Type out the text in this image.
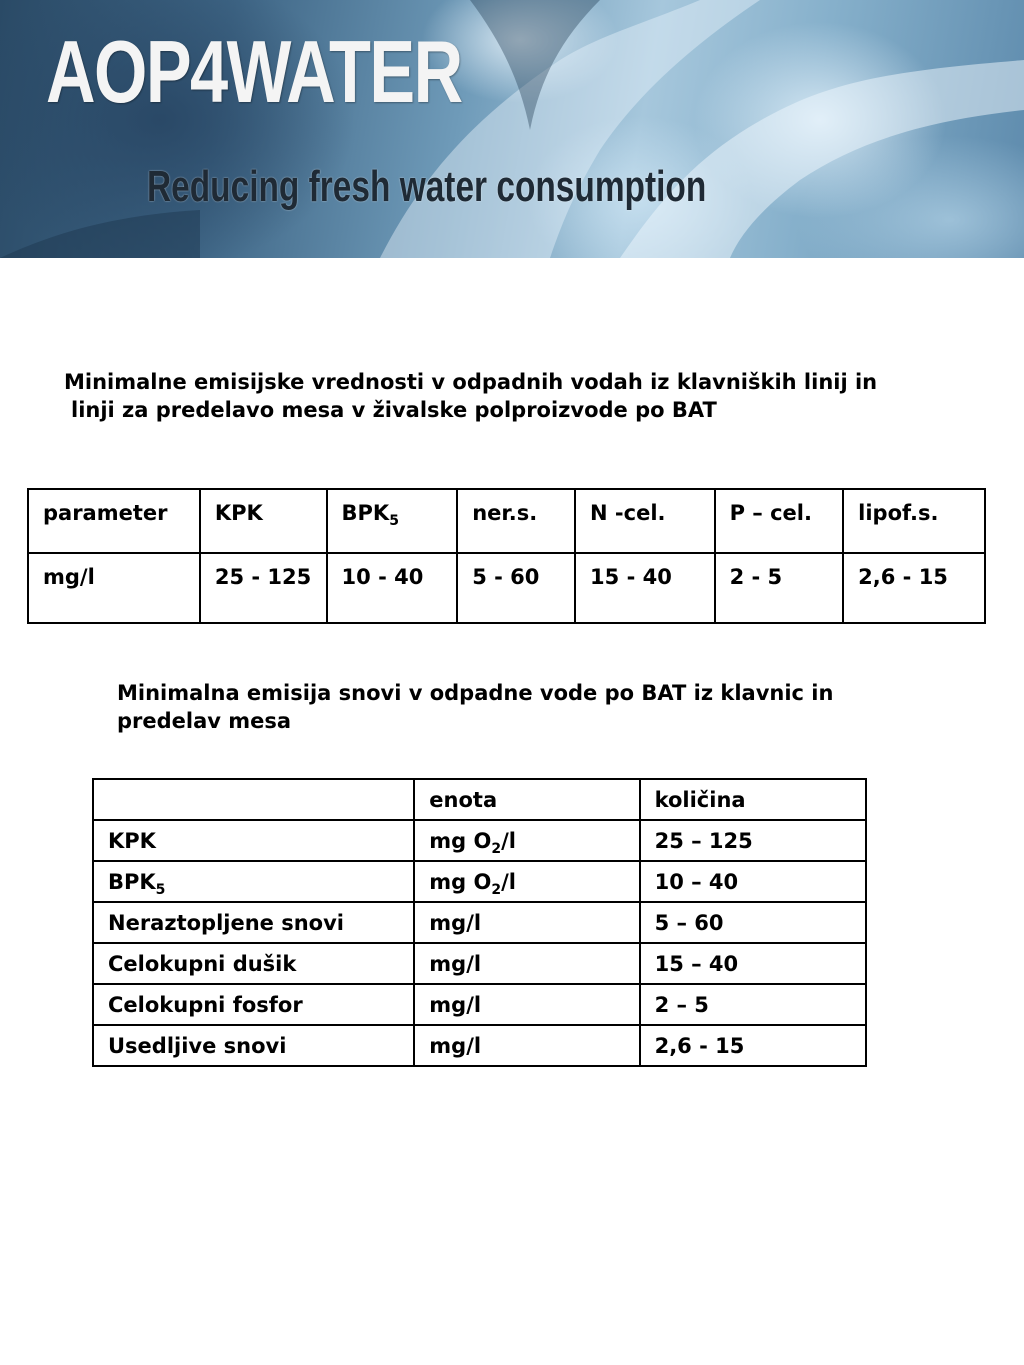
AOP4WATER
Reducing fresh water consumption
Minimalne emisijske vrednosti v odpadnih vodah iz klavniških linij in
linji za predelavo mesa v živalske polproizvode po BAT
parameter	KPK	$BPK_5$	ner.s.	N -cel.	P – cel.	lipof.s.
mg/l	25 - 125	10 - 40	5 - 60	15 - 40	2 - 5	2,6 - 15
Minimalna emisija snovi v odpadne vode po BAT iz klavnic in predelav mesa
	enota	količina
KPK	mg $O_2/l$	25 – 125
$BPK_5$	mg $O_2/l$	10 – 40
Neraztopljene snovi	mg/l	5 – 60
Celokupni dušik	mg/l	15 – 40
Celokupni fosfor	mg/l	2 – 5
Usedljive snovi	mg/l	2,6 - 15
